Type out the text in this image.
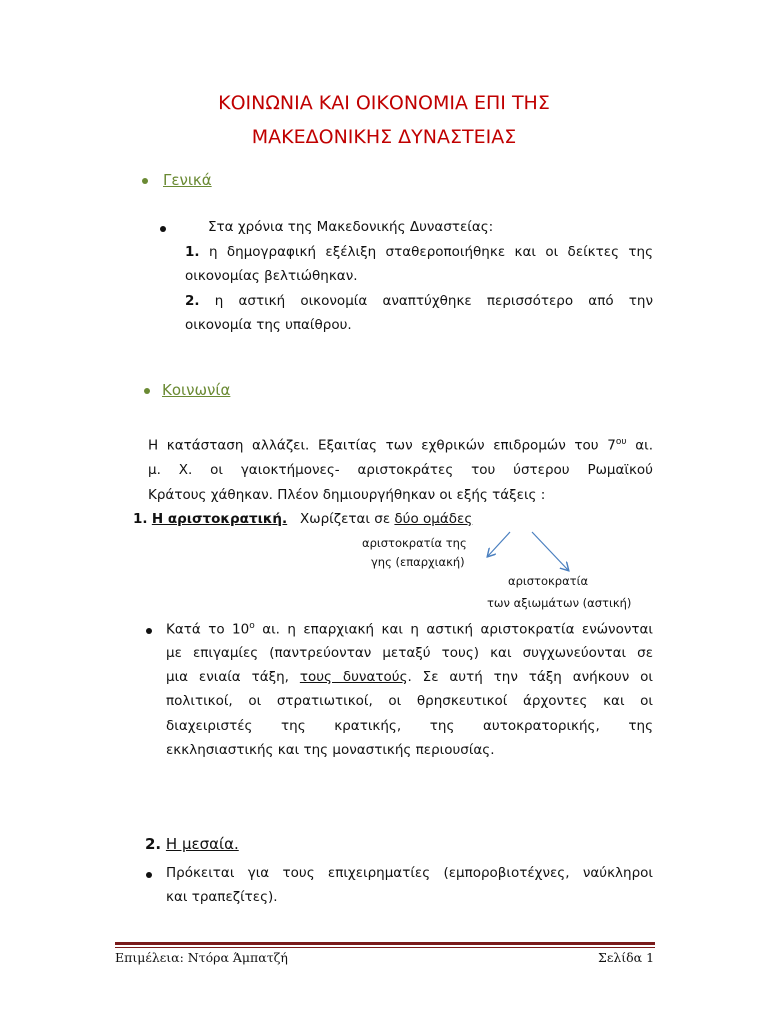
ΚΟΙΝΩΝΙΑ ΚΑΙ ΟΙΚΟΝΟΜΙΑ ΕΠΙ ΤΗΣ
ΜΑΚΕΔΟΝΙΚΗΣ ΔΥΝΑΣΤΕΙΑΣ
Γενικά
Στα χρόνια της Μακεδονικής Δυναστείας:
1. η δημογραφική εξέλιξη σταθεροποιήθηκε και οι δείκτες της
οικονομίας βελτιώθηκαν.
2. η αστική οικονομία αναπτύχθηκε περισσότερο από την
οικονομία της υπαίθρου.
Κοινωνία
Η κατάσταση αλλάζει. Εξαιτίας των εχθρικών επιδρομών του $7^{o\upsilon}$ αι.
μ. Χ. οι γαιοκτήμονες- αριστοκράτες του ύστερου Ρωμαϊκού
Κράτους χάθηκαν. Πλέον δημιουργήθηκαν οι εξής τάξεις :
1. Η αριστοκρατική. Χωρίζεται σε δύο ομάδες
αριστοκρατία της
γης (επαρχιακή)
αριστοκρατία
των αξιωμάτων (αστική)
Κατά το $10^o$ αι. η επαρχιακή και η αστική αριστοκρατία ενώνονται
με επιγαμίες (παντρεύονταν μεταξύ τους) και συγχωνεύονται σε
μια ενιαία τάξη, τους δυνατούς. Σε αυτή την τάξη ανήκουν οι
πολιτικοί, οι στρατιωτικοί, οι θρησκευτικοί άρχοντες και οι
διαχειριστές της κρατικής, της αυτοκρατορικής, της
εκκλησιαστικής και της μοναστικής περιουσίας.
2. Η μεσαία.
Πρόκειται για τους επιχειρηματίες (εμποροβιοτέχνες, ναύκληροι
και τραπεζίτες).
Επιμέλεια: Ντόρα Άμπατζή	Σελίδα 1
